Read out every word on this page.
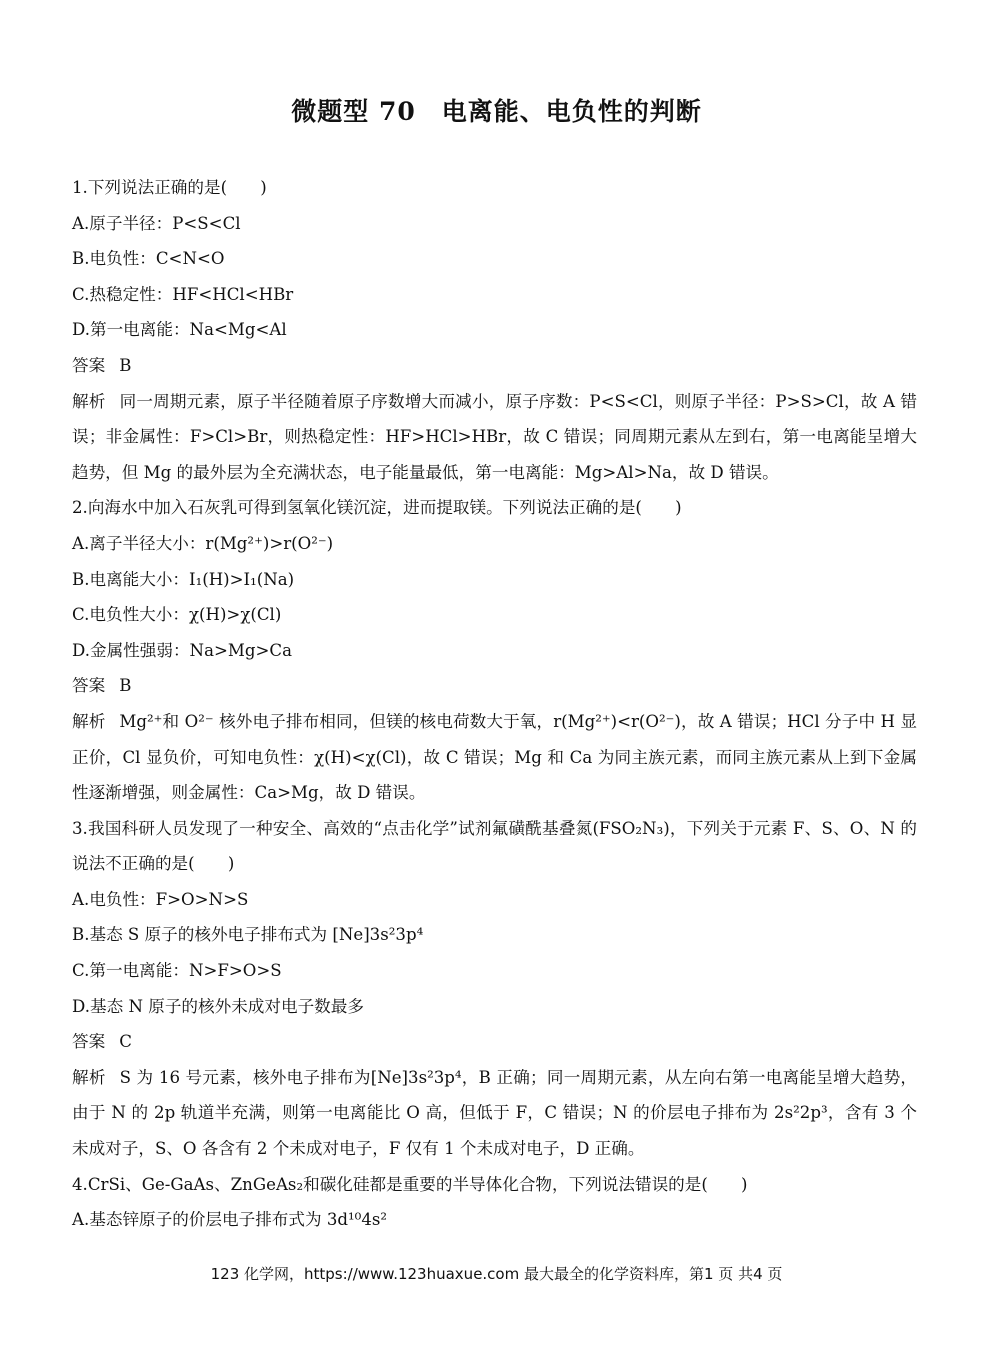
微题型 70　电离能、电负性的判断
1.下列说法正确的是(　　)
A.原子半径：P<S<Cl
B.电负性：C<N<O
C.热稳定性：HF<HCl<HBr
D.第一电离能：Na<Mg<Al
答案 B
解析 同一周期元素，原子半径随着原子序数增大而减小，原子序数：P<S<Cl，则原子半径：P>S>Cl，故 A 错误；非金属性：F>Cl>Br，则热稳定性：HF>HCl>HBr，故 C 错误；同周期元素从左到右，第一电离能呈增大趋势，但 Mg 的最外层为全充满状态，电子能量最低，第一电离能：Mg>Al>Na，故 D 错误。
2.向海水中加入石灰乳可得到氢氧化镁沉淀，进而提取镁。下列说法正确的是(　　)
A.离子半径大小：r(Mg²⁺)>r(O²⁻)
B.电离能大小：I₁(H)>I₁(Na)
C.电负性大小：χ(H)>χ(Cl)
D.金属性强弱：Na>Mg>Ca
答案 B
解析 Mg²⁺和 O²⁻ 核外电子排布相同，但镁的核电荷数大于氧，r(Mg²⁺)<r(O²⁻)，故 A 错误；HCl 分子中 H 显正价，Cl 显负价，可知电负性：χ(H)<χ(Cl)，故 C 错误；Mg 和 Ca 为同主族元素，而同主族元素从上到下金属性逐渐增强，则金属性：Ca>Mg，故 D 错误。
3.我国科研人员发现了一种安全、高效的“点击化学”试剂氟磺酰基叠氮(FSO₂N₃)，下列关于元素 F、S、O、N 的说法不正确的是(　　)
A.电负性：F>O>N>S
B.基态 S 原子的核外电子排布式为 [Ne]3s²3p⁴
C.第一电离能：N>F>O>S
D.基态 N 原子的核外未成对电子数最多
答案 C
解析 S 为 16 号元素，核外电子排布为[Ne]3s²3p⁴，B 正确；同一周期元素，从左向右第一电离能呈增大趋势，由于 N 的 2p 轨道半充满，则第一电离能比 O 高，但低于 F，C 错误；N 的价层电子排布为 2s²2p³，含有 3 个未成对子，S、O 各含有 2 个未成对电子，F 仅有 1 个未成对电子，D 正确。
4.CrSi、Ge-GaAs、ZnGeAs₂和碳化硅都是重要的半导体化合物，下列说法错误的是(　　)
A.基态锌原子的价层电子排布式为 3d¹⁰4s²
123 化学网，https://www.123huaxue.com 最大最全的化学资料库，第1 页 共4 页
